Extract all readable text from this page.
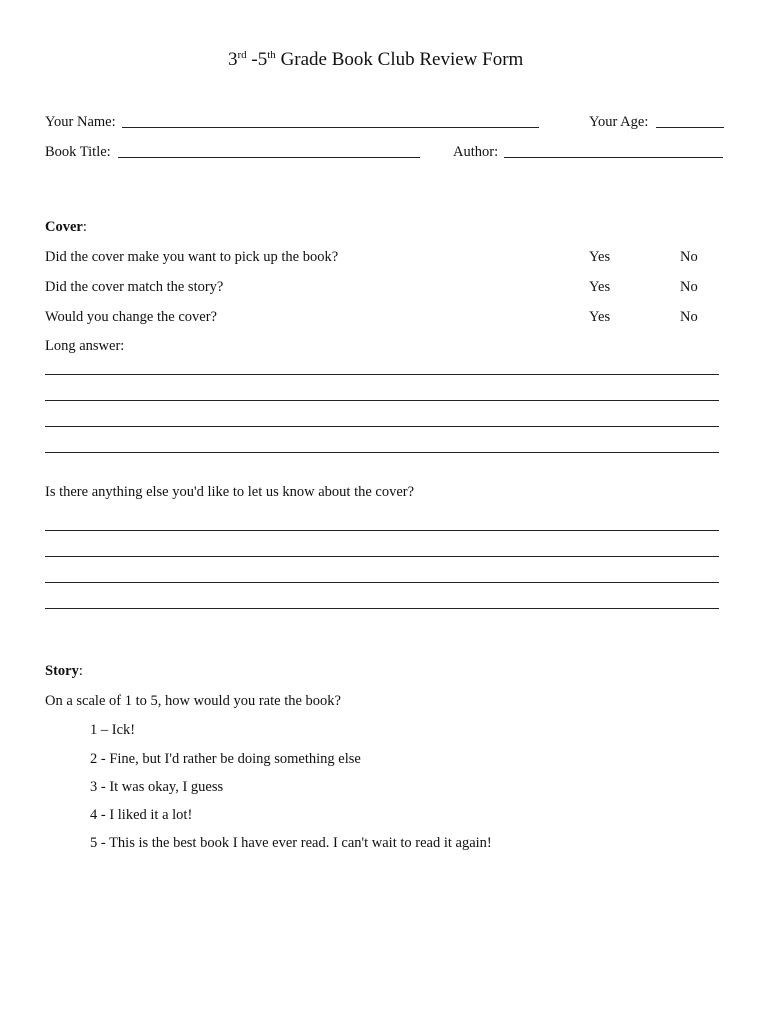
3rd -5th Grade Book Club Review Form
Your Name:	Your Age:
Book Title:	Author:
Cover:
Did the cover make you want to pick up the book?	Yes	No
Did the cover match the story?	Yes	No
Would you change the cover?	Yes	No
Long answer:
Is there anything else you'd like to let us know about the cover?
Story:
On a scale of 1 to 5, how would you rate the book?
1 – Ick!
2 - Fine, but I'd rather be doing something else
3 - It was okay, I guess
4 - I liked it a lot!
5 - This is the best book I have ever read. I can't wait to read it again!
